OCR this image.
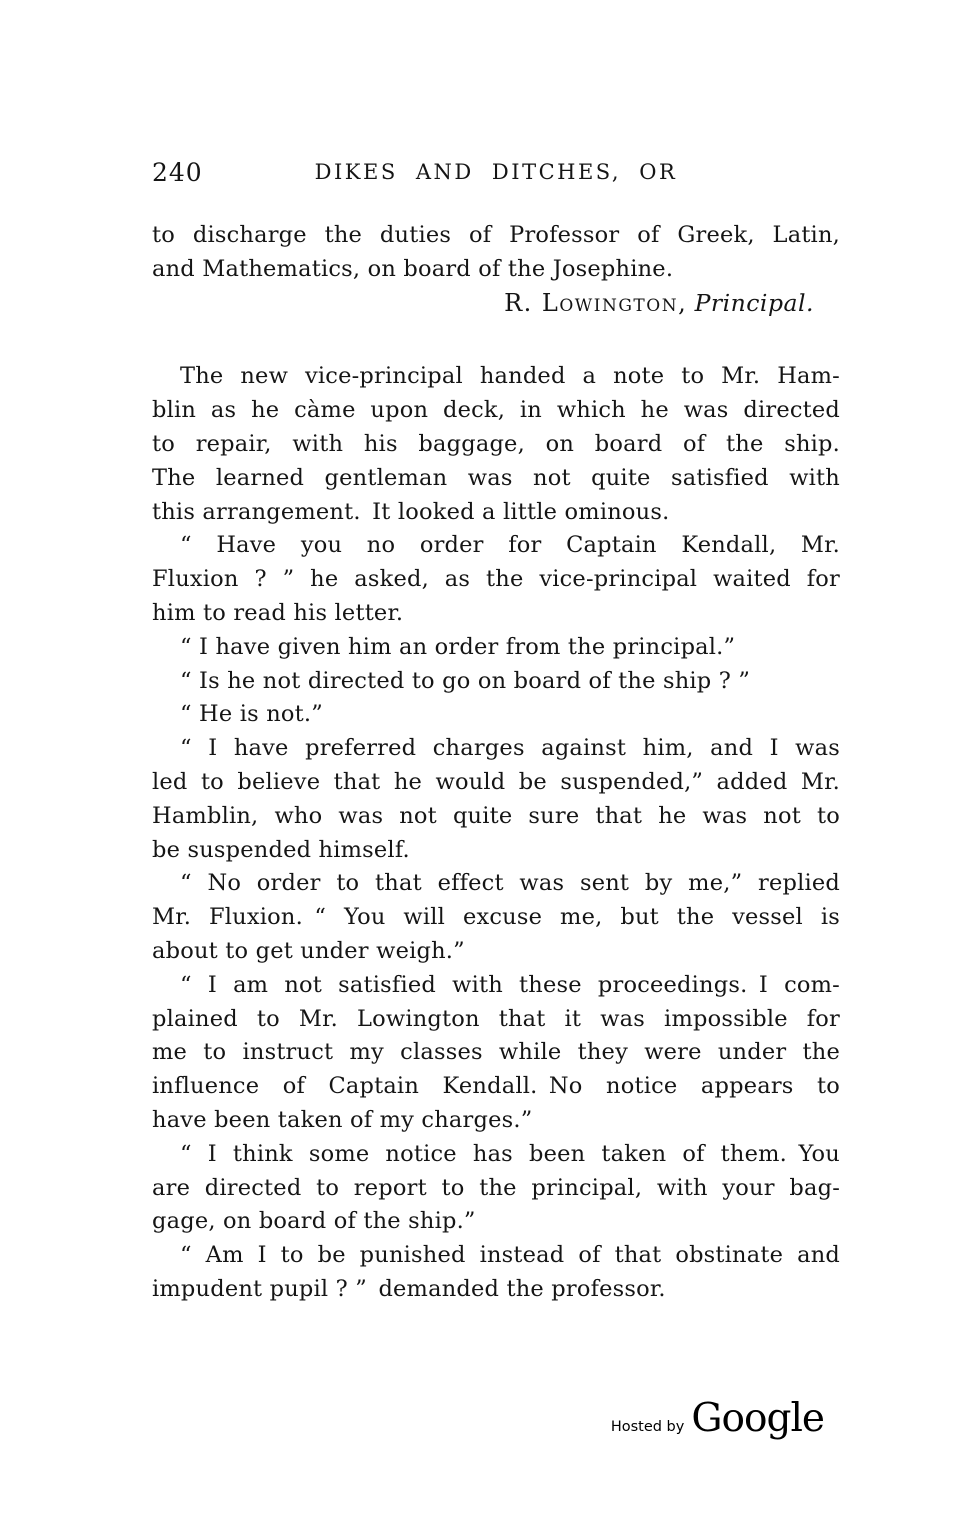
240	DIKES AND DITCHES, OR
to discharge the duties of Professor of Greek, Latin,
and Mathematics, on board of the Josephine.
R. Lowington, Principal.
The new vice-principal handed a note to Mr. Ham-
blin as he càme upon deck, in which he was directed
to repair, with his baggage, on board of the ship.
The learned gentleman was not quite satisfied with
this arrangement. It looked a little ominous.
“ Have you no order for Captain Kendall, Mr.
Fluxion ? ” he asked, as the vice-principal waited for
him to read his letter.
“ I have given him an order from the principal.”
“ Is he not directed to go on board of the ship ? ”
“ He is not.”
“ I have preferred charges against him, and I was
led to believe that he would be suspended,” added Mr.
Hamblin, who was not quite sure that he was not to
be suspended himself.
“ No order to that effect was sent by me,” replied
Mr. Fluxion. “ You will excuse me, but the vessel is
about to get under weigh.”
“ I am not satisfied with these proceedings. I com-
plained to Mr. Lowington that it was impossible for
me to instruct my classes while they were under the
influence of Captain Kendall. No notice appears to
have been taken of my charges.”
“ I think some notice has been taken of them. You
are directed to report to the principal, with your bag-
gage, on board of the ship.”
“ Am I to be punished instead of that obstinate and
impudent pupil ? ” demanded the professor.
Hosted by Google
